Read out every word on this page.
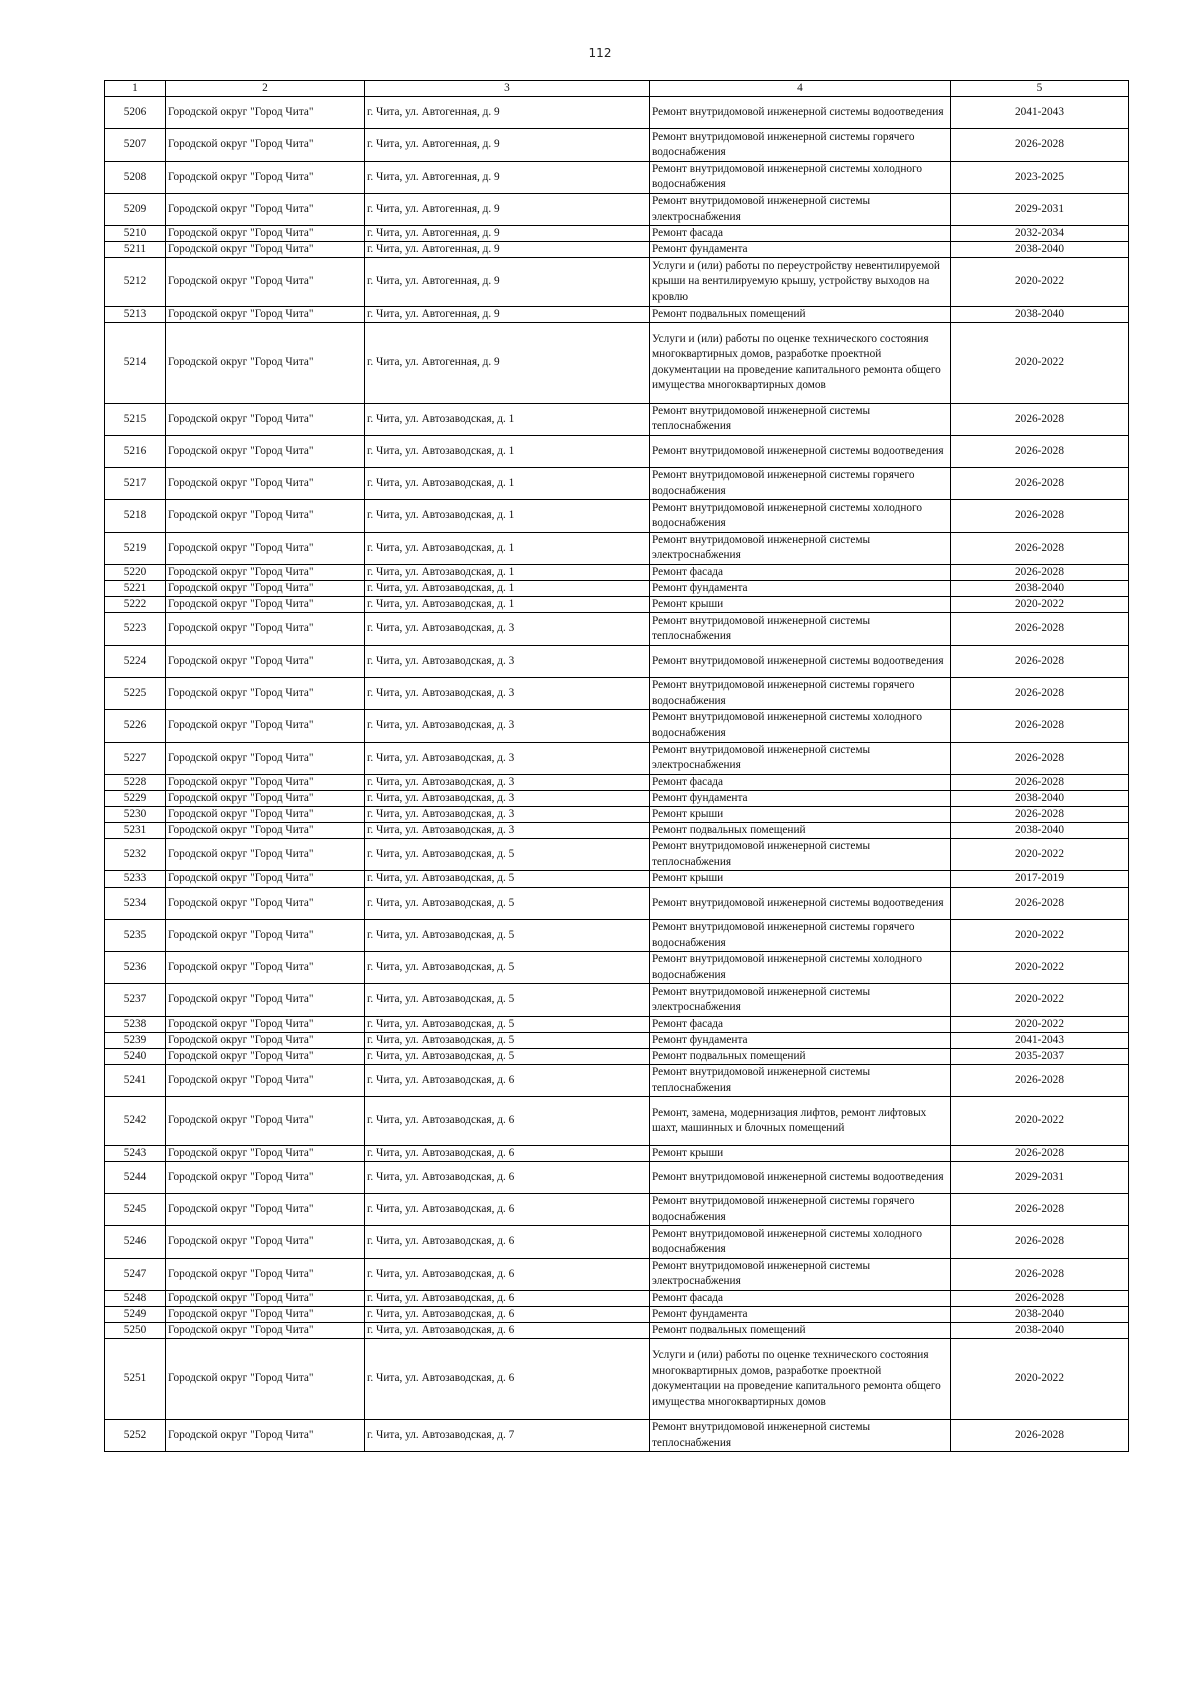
112
1	2	3	4	5
5206	Городской округ "Город Чита"	г. Чита, ул. Автогенная, д. 9	Ремонт внутридомовой инженерной системы водоотведения	2041-2043
5207	Городской округ "Город Чита"	г. Чита, ул. Автогенная, д. 9	Ремонт внутридомовой инженерной системы горячего водоснабжения	2026-2028
5208	Городской округ "Город Чита"	г. Чита, ул. Автогенная, д. 9	Ремонт внутридомовой инженерной системы холодного водоснабжения	2023-2025
5209	Городской округ "Город Чита"	г. Чита, ул. Автогенная, д. 9	Ремонт внутридомовой инженерной системы электроснабжения	2029-2031
5210	Городской округ "Город Чита"	г. Чита, ул. Автогенная, д. 9	Ремонт фасада	2032-2034
5211	Городской округ "Город Чита"	г. Чита, ул. Автогенная, д. 9	Ремонт фундамента	2038-2040
5212	Городской округ "Город Чита"	г. Чита, ул. Автогенная, д. 9	Услуги и (или) работы по переустройству невентилируемой крыши на вентилируемую крышу, устройству выходов на кровлю	2020-2022
5213	Городской округ "Город Чита"	г. Чита, ул. Автогенная, д. 9	Ремонт подвальных помещений	2038-2040
5214	Городской округ "Город Чита"	г. Чита, ул. Автогенная, д. 9	Услуги и (или) работы по оценке технического состояния многоквартирных домов, разработке проектной документации на проведение капитального ремонта общего имущества многоквартирных домов	2020-2022
5215	Городской округ "Город Чита"	г. Чита, ул. Автозаводская, д. 1	Ремонт внутридомовой инженерной системы теплоснабжения	2026-2028
5216	Городской округ "Город Чита"	г. Чита, ул. Автозаводская, д. 1	Ремонт внутридомовой инженерной системы водоотведения	2026-2028
5217	Городской округ "Город Чита"	г. Чита, ул. Автозаводская, д. 1	Ремонт внутридомовой инженерной системы горячего водоснабжения	2026-2028
5218	Городской округ "Город Чита"	г. Чита, ул. Автозаводская, д. 1	Ремонт внутридомовой инженерной системы холодного водоснабжения	2026-2028
5219	Городской округ "Город Чита"	г. Чита, ул. Автозаводская, д. 1	Ремонт внутридомовой инженерной системы электроснабжения	2026-2028
5220	Городской округ "Город Чита"	г. Чита, ул. Автозаводская, д. 1	Ремонт фасада	2026-2028
5221	Городской округ "Город Чита"	г. Чита, ул. Автозаводская, д. 1	Ремонт фундамента	2038-2040
5222	Городской округ "Город Чита"	г. Чита, ул. Автозаводская, д. 1	Ремонт крыши	2020-2022
5223	Городской округ "Город Чита"	г. Чита, ул. Автозаводская, д. 3	Ремонт внутридомовой инженерной системы теплоснабжения	2026-2028
5224	Городской округ "Город Чита"	г. Чита, ул. Автозаводская, д. 3	Ремонт внутридомовой инженерной системы водоотведения	2026-2028
5225	Городской округ "Город Чита"	г. Чита, ул. Автозаводская, д. 3	Ремонт внутридомовой инженерной системы горячего водоснабжения	2026-2028
5226	Городской округ "Город Чита"	г. Чита, ул. Автозаводская, д. 3	Ремонт внутридомовой инженерной системы холодного водоснабжения	2026-2028
5227	Городской округ "Город Чита"	г. Чита, ул. Автозаводская, д. 3	Ремонт внутридомовой инженерной системы электроснабжения	2026-2028
5228	Городской округ "Город Чита"	г. Чита, ул. Автозаводская, д. 3	Ремонт фасада	2026-2028
5229	Городской округ "Город Чита"	г. Чита, ул. Автозаводская, д. 3	Ремонт фундамента	2038-2040
5230	Городской округ "Город Чита"	г. Чита, ул. Автозаводская, д. 3	Ремонт крыши	2026-2028
5231	Городской округ "Город Чита"	г. Чита, ул. Автозаводская, д. 3	Ремонт подвальных помещений	2038-2040
5232	Городской округ "Город Чита"	г. Чита, ул. Автозаводская, д. 5	Ремонт внутридомовой инженерной системы теплоснабжения	2020-2022
5233	Городской округ "Город Чита"	г. Чита, ул. Автозаводская, д. 5	Ремонт крыши	2017-2019
5234	Городской округ "Город Чита"	г. Чита, ул. Автозаводская, д. 5	Ремонт внутридомовой инженерной системы водоотведения	2026-2028
5235	Городской округ "Город Чита"	г. Чита, ул. Автозаводская, д. 5	Ремонт внутридомовой инженерной системы горячего водоснабжения	2020-2022
5236	Городской округ "Город Чита"	г. Чита, ул. Автозаводская, д. 5	Ремонт внутридомовой инженерной системы холодного водоснабжения	2020-2022
5237	Городской округ "Город Чита"	г. Чита, ул. Автозаводская, д. 5	Ремонт внутридомовой инженерной системы электроснабжения	2020-2022
5238	Городской округ "Город Чита"	г. Чита, ул. Автозаводская, д. 5	Ремонт фасада	2020-2022
5239	Городской округ "Город Чита"	г. Чита, ул. Автозаводская, д. 5	Ремонт фундамента	2041-2043
5240	Городской округ "Город Чита"	г. Чита, ул. Автозаводская, д. 5	Ремонт подвальных помещений	2035-2037
5241	Городской округ "Город Чита"	г. Чита, ул. Автозаводская, д. 6	Ремонт внутридомовой инженерной системы теплоснабжения	2026-2028
5242	Городской округ "Город Чита"	г. Чита, ул. Автозаводская, д. 6	Ремонт, замена, модернизация лифтов, ремонт лифтовых шахт, машинных и блочных помещений	2020-2022
5243	Городской округ "Город Чита"	г. Чита, ул. Автозаводская, д. 6	Ремонт крыши	2026-2028
5244	Городской округ "Город Чита"	г. Чита, ул. Автозаводская, д. 6	Ремонт внутридомовой инженерной системы водоотведения	2029-2031
5245	Городской округ "Город Чита"	г. Чита, ул. Автозаводская, д. 6	Ремонт внутридомовой инженерной системы горячего водоснабжения	2026-2028
5246	Городской округ "Город Чита"	г. Чита, ул. Автозаводская, д. 6	Ремонт внутридомовой инженерной системы холодного водоснабжения	2026-2028
5247	Городской округ "Город Чита"	г. Чита, ул. Автозаводская, д. 6	Ремонт внутридомовой инженерной системы электроснабжения	2026-2028
5248	Городской округ "Город Чита"	г. Чита, ул. Автозаводская, д. 6	Ремонт фасада	2026-2028
5249	Городской округ "Город Чита"	г. Чита, ул. Автозаводская, д. 6	Ремонт фундамента	2038-2040
5250	Городской округ "Город Чита"	г. Чита, ул. Автозаводская, д. 6	Ремонт подвальных помещений	2038-2040
5251	Городской округ "Город Чита"	г. Чита, ул. Автозаводская, д. 6	Услуги и (или) работы по оценке технического состояния многоквартирных домов, разработке проектной документации на проведение капитального ремонта общего имущества многоквартирных домов	2020-2022
5252	Городской округ "Город Чита"	г. Чита, ул. Автозаводская, д. 7	Ремонт внутридомовой инженерной системы теплоснабжения	2026-2028
